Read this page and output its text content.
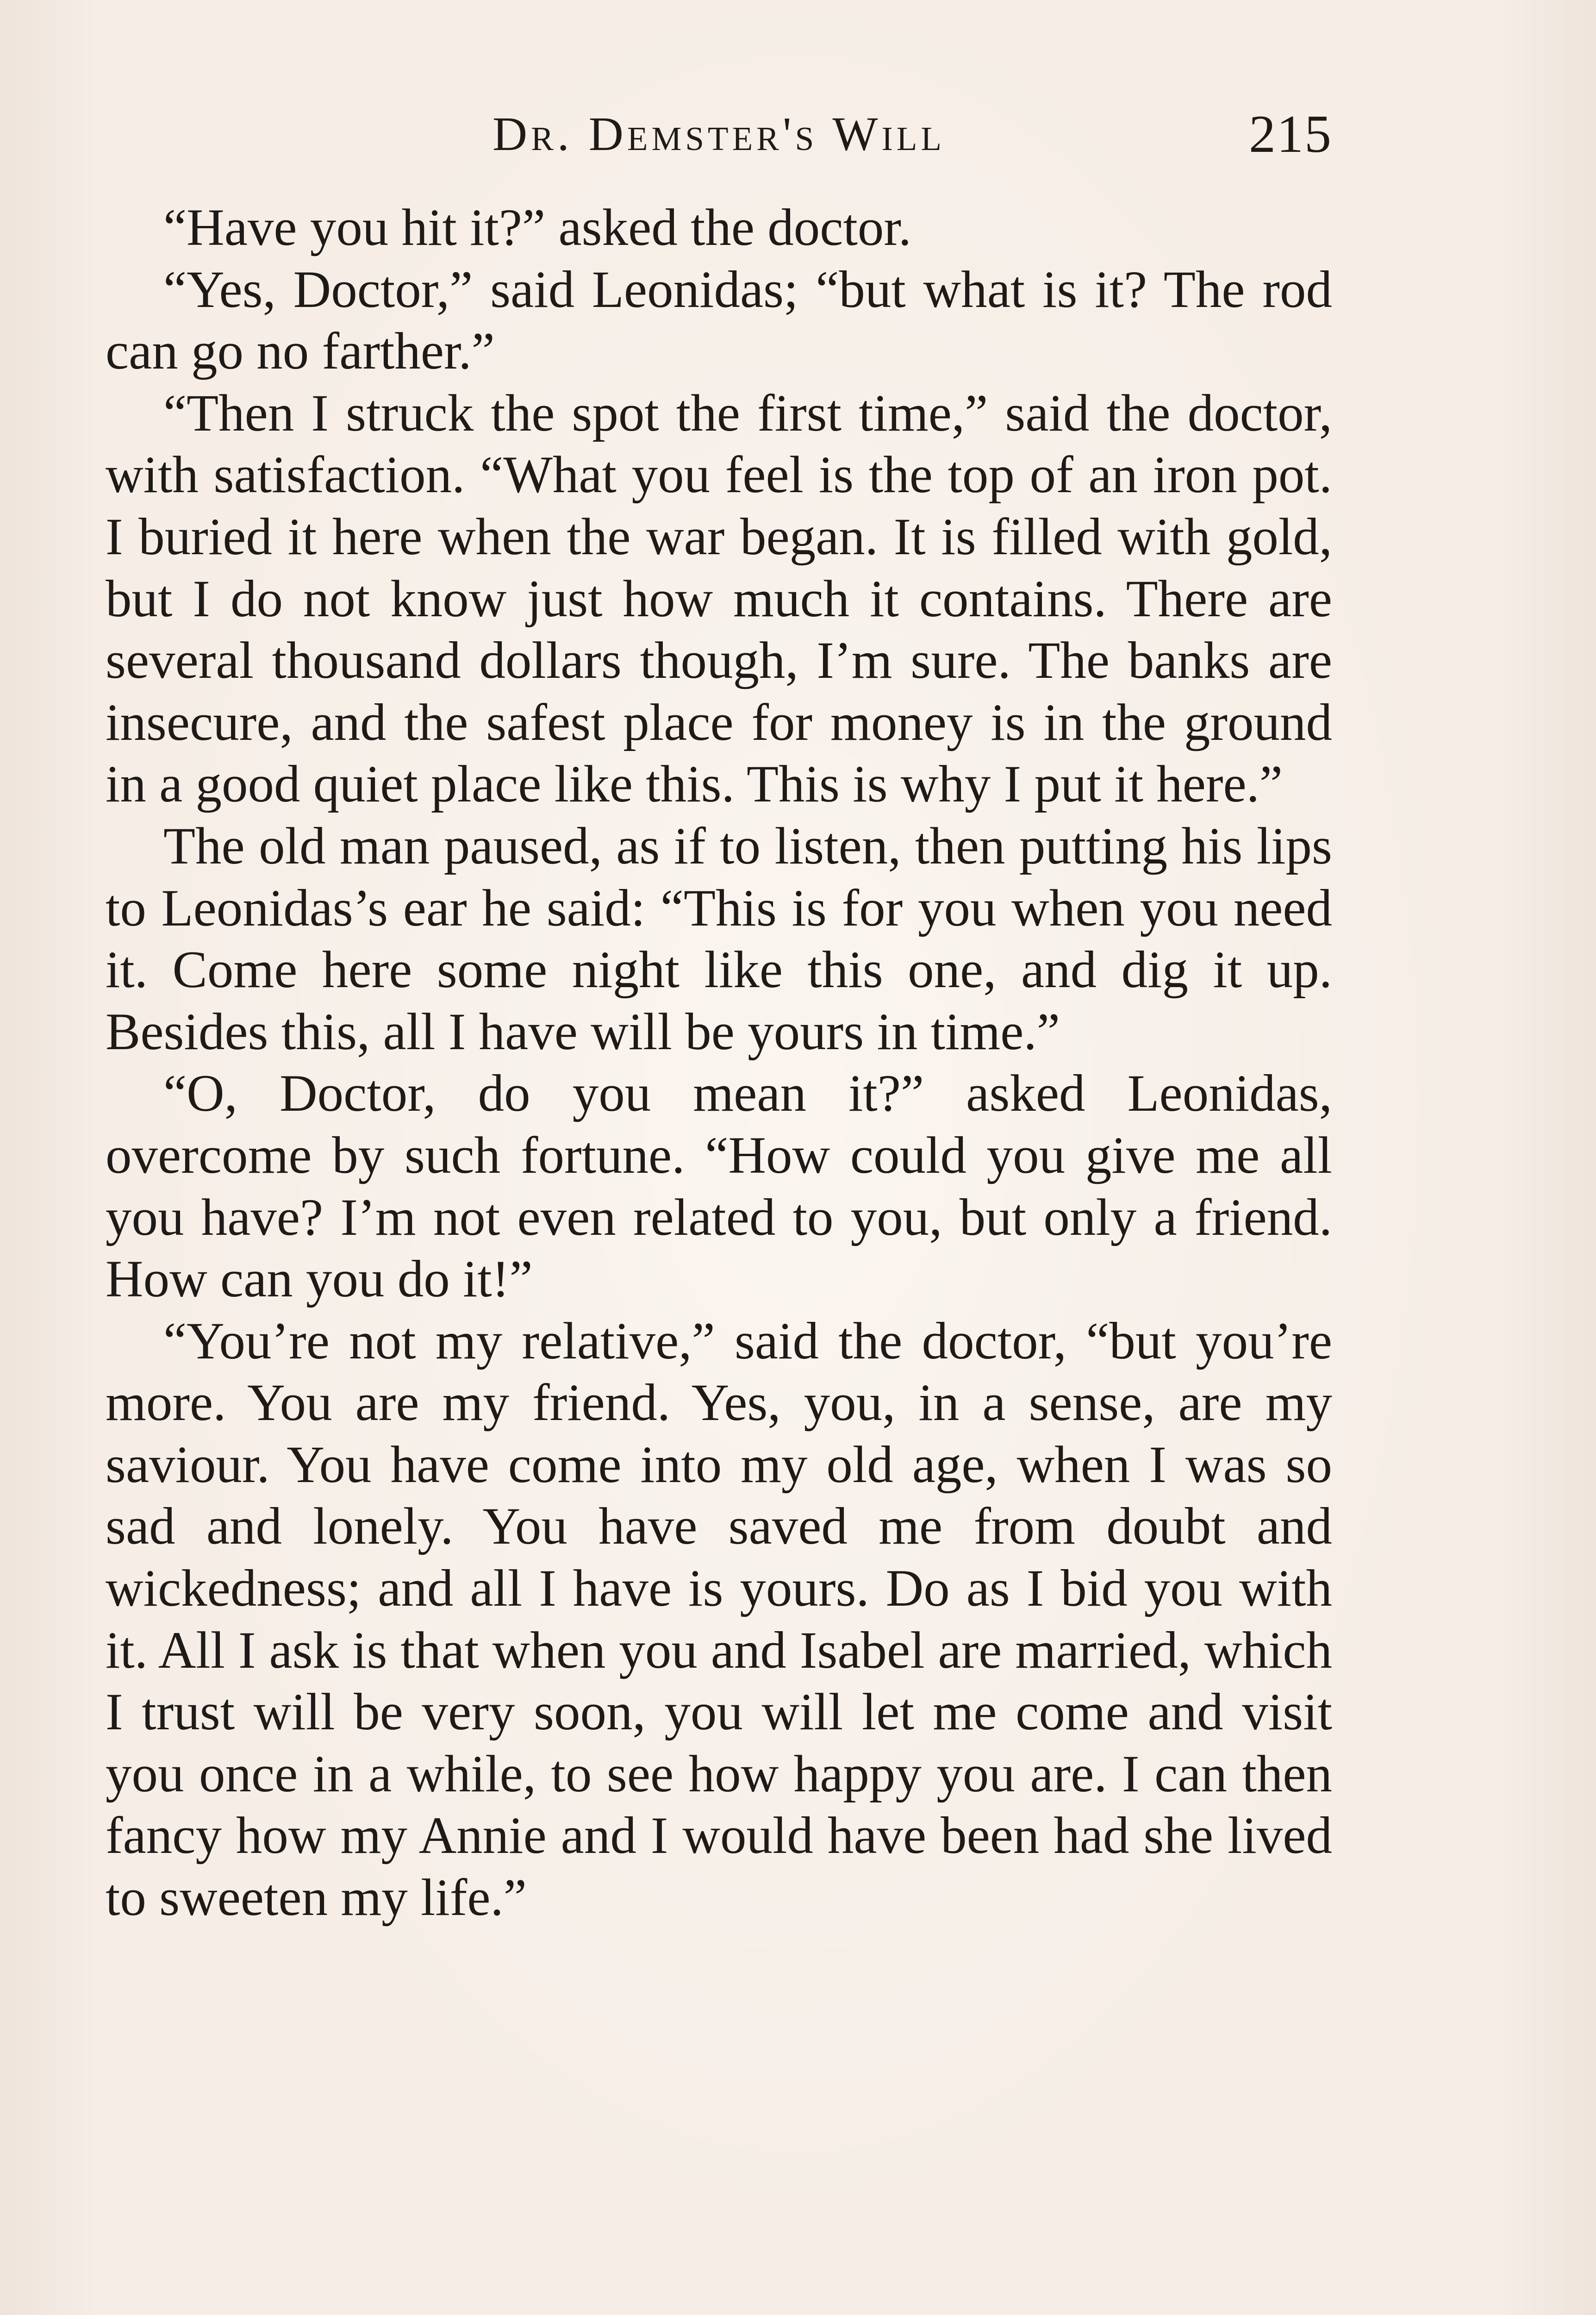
Dr. Demster's Will	215

“Have you hit it?” asked the doctor.

“Yes, Doctor,” said Leonidas; “but what is it? The rod can go no farther.”

“Then I struck the spot the first time,” said the doctor, with satisfaction. “What you feel is the top of an iron pot. I buried it here when the war began. It is filled with gold, but I do not know just how much it contains. There are several thousand dollars though, I’m sure. The banks are insecure, and the safest place for money is in the ground in a good quiet place like this. This is why I put it here.”

The old man paused, as if to listen, then putting his lips to Leonidas’s ear he said: “This is for you when you need it. Come here some night like this one, and dig it up. Besides this, all I have will be yours in time.”

“O, Doctor, do you mean it?” asked Leonidas, overcome by such fortune. “How could you give me all you have? I’m not even related to you, but only a friend. How can you do it!”

“You’re not my relative,” said the doctor, “but you’re more. You are my friend. Yes, you, in a sense, are my saviour. You have come into my old age, when I was so sad and lonely. You have saved me from doubt and wickedness; and all I have is yours. Do as I bid you with it. All I ask is that when you and Isabel are married, which I trust will be very soon, you will let me come and visit you once in a while, to see how happy you are. I can then fancy how my Annie and I would have been had she lived to sweeten my life.”
